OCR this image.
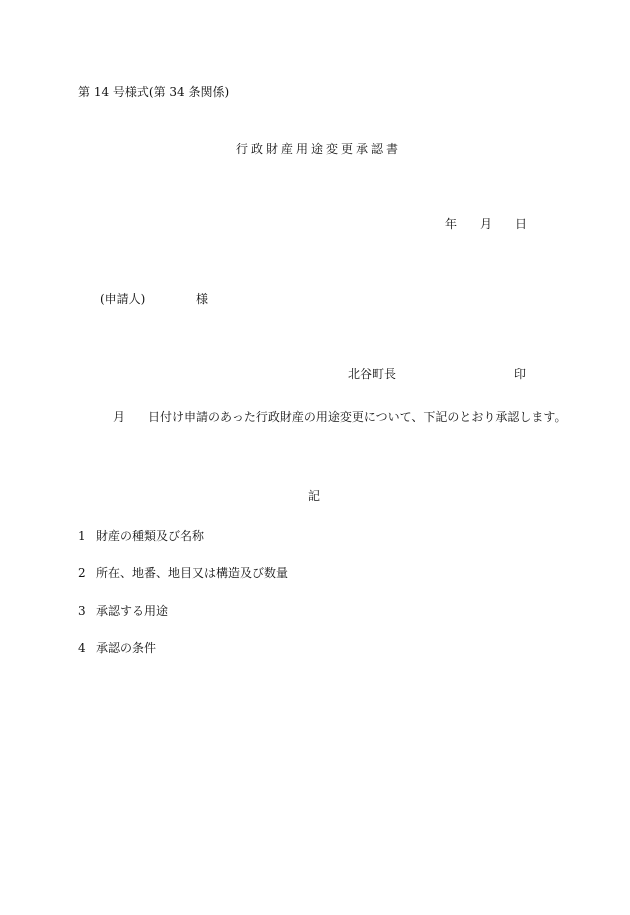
第 14 号様式(第 34 条関係)
行政財産用途変更承認書
年 月 日
(申請人)	様
北谷町長	印
月 日付け申請のあった行政財産の用途変更について、下記のとおり承認します。
記
1 財産の種類及び名称
2 所在、地番、地目又は構造及び数量
3 承認する用途
4 承認の条件
